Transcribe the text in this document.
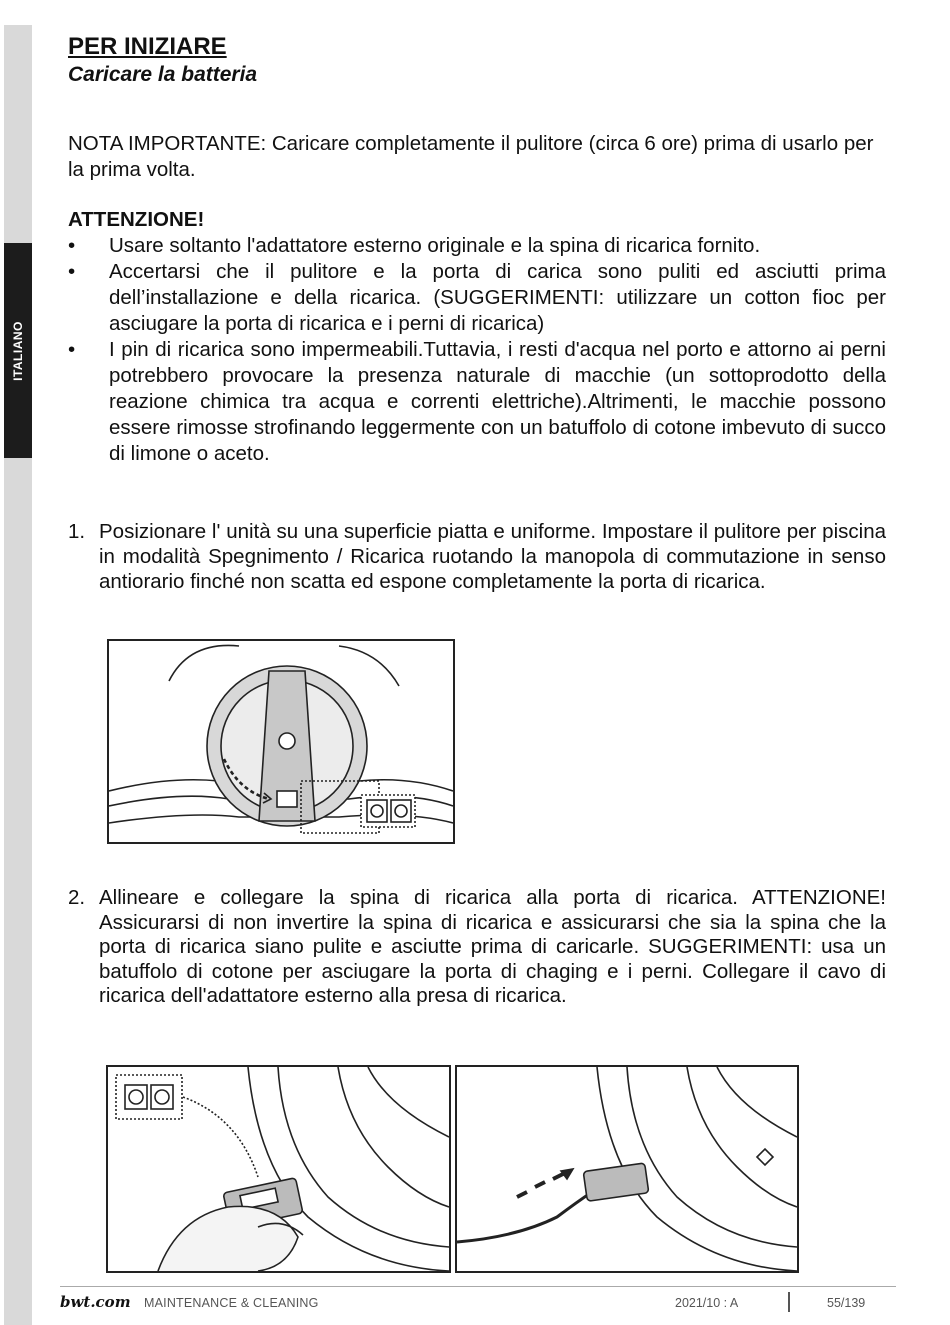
ITALIANO
PER INIZIARE
Caricare la batteria

NOTA IMPORTANTE: Caricare completamente il pulitore (circa 6 ore) prima di usarlo per la prima volta.

ATTENZIONE!

• Usare soltanto l'adattatore esterno originale e la spina di ricarica fornito.
• Accertarsi che il pulitore e la porta di carica sono puliti ed asciutti prima dell’installazione e della ricarica. (SUGGERIMENTI: utilizzare un cotton fioc per asciugare la porta di ricarica e i perni di ricarica)
• I pin di ricarica sono impermeabili.Tuttavia, i resti d'acqua nel porto e attorno ai perni potrebbero provocare la presenza naturale di macchie (un sottoprodotto della reazione chimica tra acqua e correnti elettriche).Altrimenti, le macchie possono essere rimosse strofinando leggermente con un batuffolo di cotone imbevuto di succo di limone o aceto.
1. Posizionare l' unità su una superficie piatta e uniforme. Impostare il pulitore per piscina in modalità Spegnimento / Ricarica ruotando la manopola di commutazione in senso antiorario finché non scatta ed espone completamente la porta di ricarica.
2. Allineare e collegare la spina di ricarica alla porta di ricarica. ATTENZIONE! Assicurarsi di non invertire la spina di ricarica e assicurarsi che sia la spina che la porta di ricarica siano pulite e asciutte prima di caricarle. SUGGERIMENTI: usa un batuffolo di cotone per asciugare la porta di chaging e i perni. Collegare il cavo di ricarica dell'adattatore esterno alla presa di ricarica.
bwt.com MAINTENANCE & CLEANING	2021/10 : A	55/139
